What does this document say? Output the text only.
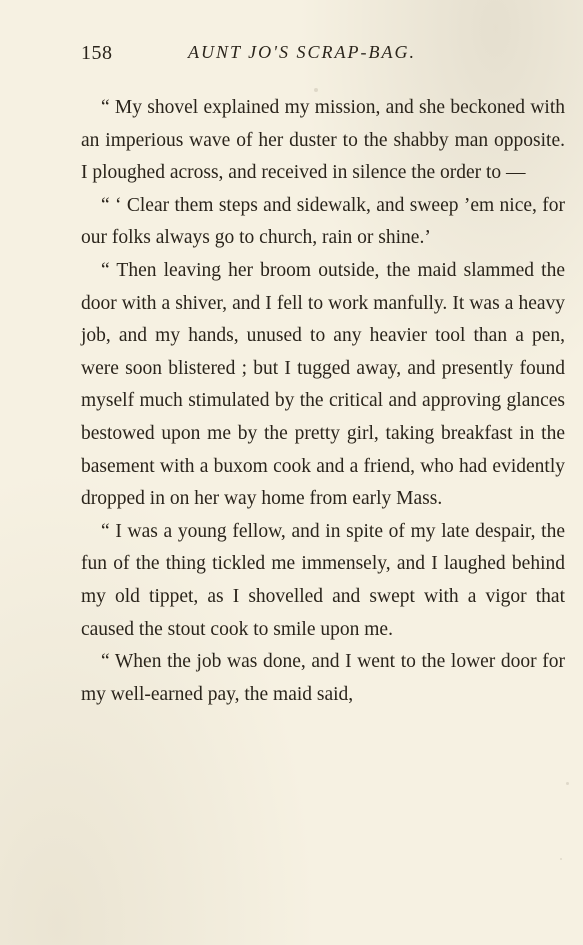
158	AUNT JO'S SCRAP-BAG.

“ My shovel explained my mission, and she beckoned with an imperious wave of her duster to the shabby man opposite. I ploughed across, and received in silence the order to —

“ ‘ Clear them steps and sidewalk, and sweep ’em nice, for our folks always go to church, rain or shine.’

“ Then leaving her broom outside, the maid slammed the door with a shiver, and I fell to work manfully. It was a heavy job, and my hands, unused to any heavier tool than a pen, were soon blistered ; but I tugged away, and presently found myself much stimulated by the critical and approving glances bestowed upon me by the pretty girl, taking breakfast in the basement with a buxom cook and a friend, who had evidently dropped in on her way home from early Mass.

“ I was a young fellow, and in spite of my late despair, the fun of the thing tickled me immensely, and I laughed behind my old tippet, as I shovelled and swept with a vigor that caused the stout cook to smile upon me.

“ When the job was done, and I went to the lower door for my well-earned pay, the maid said,
